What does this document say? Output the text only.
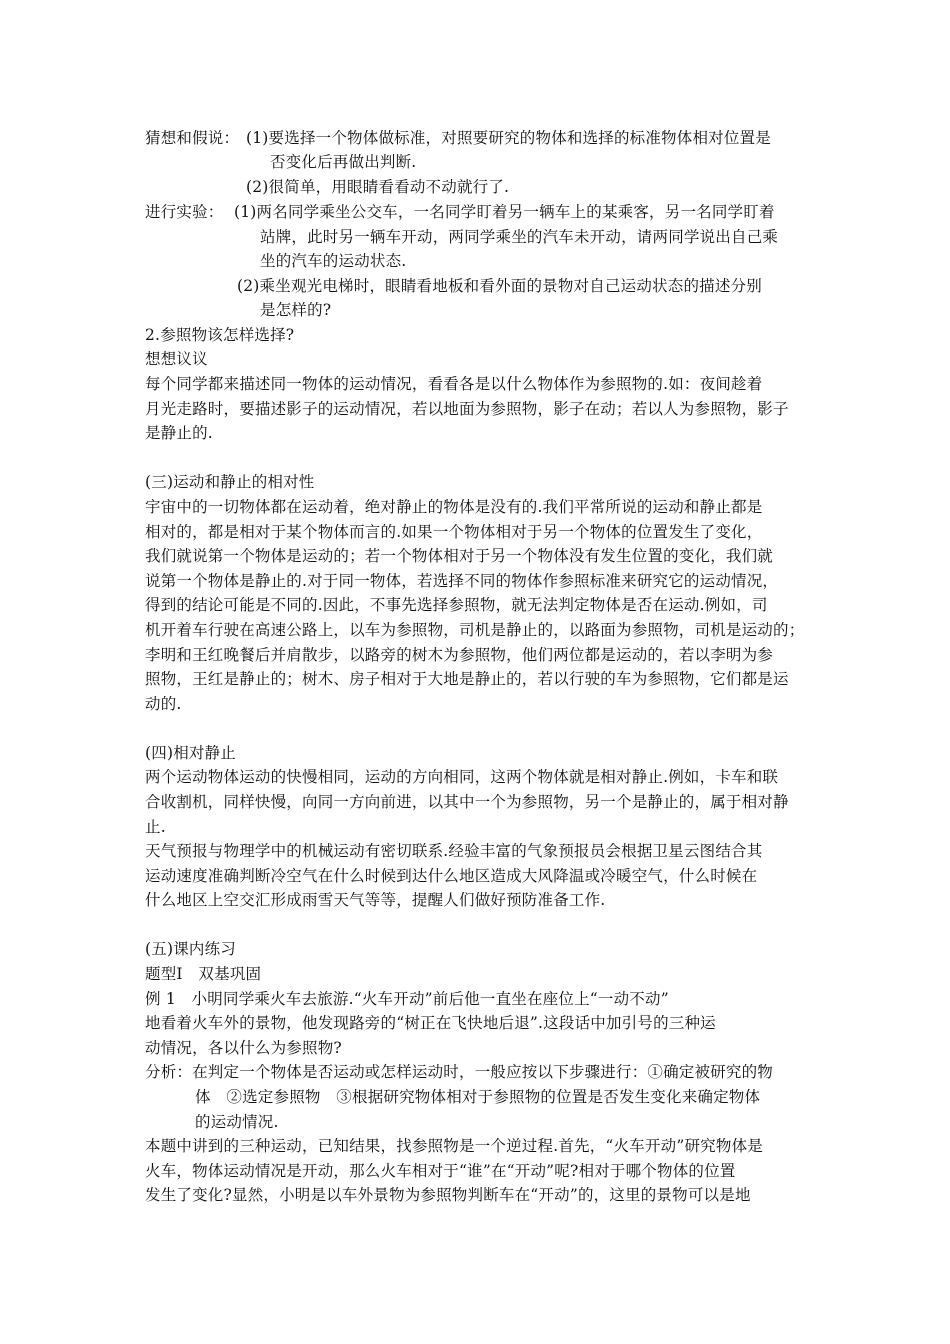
猜想和假说： (1)要选择一个物体做标准，对照要研究的物体和选择的标准物体相对位置是
否变化后再做出判断.
(2)很简单，用眼睛看看动不动就行了.
进行实验： (1)两名同学乘坐公交车，一名同学盯着另一辆车上的某乘客，另一名同学盯着
站牌，此时另一辆车开动，两同学乘坐的汽车未开动，请两同学说出自己乘
坐的汽车的运动状态.
(2)乘坐观光电梯时，眼睛看地板和看外面的景物对自己运动状态的描述分别
是怎样的?
2.参照物该怎样选择?
想想议议
每个同学都来描述同一物体的运动情况，看看各是以什么物体作为参照物的.如：夜间趁着
月光走路时，要描述影子的运动情况，若以地面为参照物，影子在动；若以人为参照物，影子
是静止的.
(三)运动和静止的相对性
宇宙中的一切物体都在运动着，绝对静止的物体是没有的.我们平常所说的运动和静止都是
相对的，都是相对于某个物体而言的.如果一个物体相对于另一个物体的位置发生了变化，
我们就说第一个物体是运动的；若一个物体相对于另一个物体没有发生位置的变化，我们就
说第一个物体是静止的.对于同一物体，若选择不同的物体作参照标准来研究它的运动情况，
得到的结论可能是不同的.因此，不事先选择参照物，就无法判定物体是否在运动.例如，司
机开着车行驶在高速公路上，以车为参照物，司机是静止的，以路面为参照物，司机是运动的；
李明和王红晚餐后并肩散步，以路旁的树木为参照物，他们两位都是运动的，若以李明为参
照物，王红是静止的；树木、房子相对于大地是静止的，若以行驶的车为参照物，它们都是运
动的.
(四)相对静止
两个运动物体运动的快慢相同，运动的方向相同，这两个物体就是相对静止.例如，卡车和联
合收割机，同样快慢，向同一方向前进，以其中一个为参照物，另一个是静止的，属于相对静
止.
天气预报与物理学中的机械运动有密切联系.经验丰富的气象预报员会根据卫星云图结合其
运动速度准确判断冷空气在什么时候到达什么地区造成大风降温或冷暖空气，什么时候在
什么地区上空交汇形成雨雪天气等等，提醒人们做好预防准备工作.
(五)课内练习
题型Ⅰ　双基巩固
例 1　小明同学乘火车去旅游.“火车开动”前后他一直坐在座位上“一动不动”
地看着火车外的景物，他发现路旁的“树正在飞快地后退”.这段话中加引号的三种运
动情况，各以什么为参照物?
分析：在判定一个物体是否运动或怎样运动时，一般应按以下步骤进行：①确定被研究的物
体　②选定参照物　③根据研究物体相对于参照物的位置是否发生变化来确定物体
的运动情况.
本题中讲到的三种运动，已知结果，找参照物是一个逆过程.首先，“火车开动”研究物体是
火车，物体运动情况是开动，那么火车相对于“谁”在“开动”呢?相对于哪个物体的位置
发生了变化?显然，小明是以车外景物为参照物判断车在“开动”的，这里的景物可以是地
